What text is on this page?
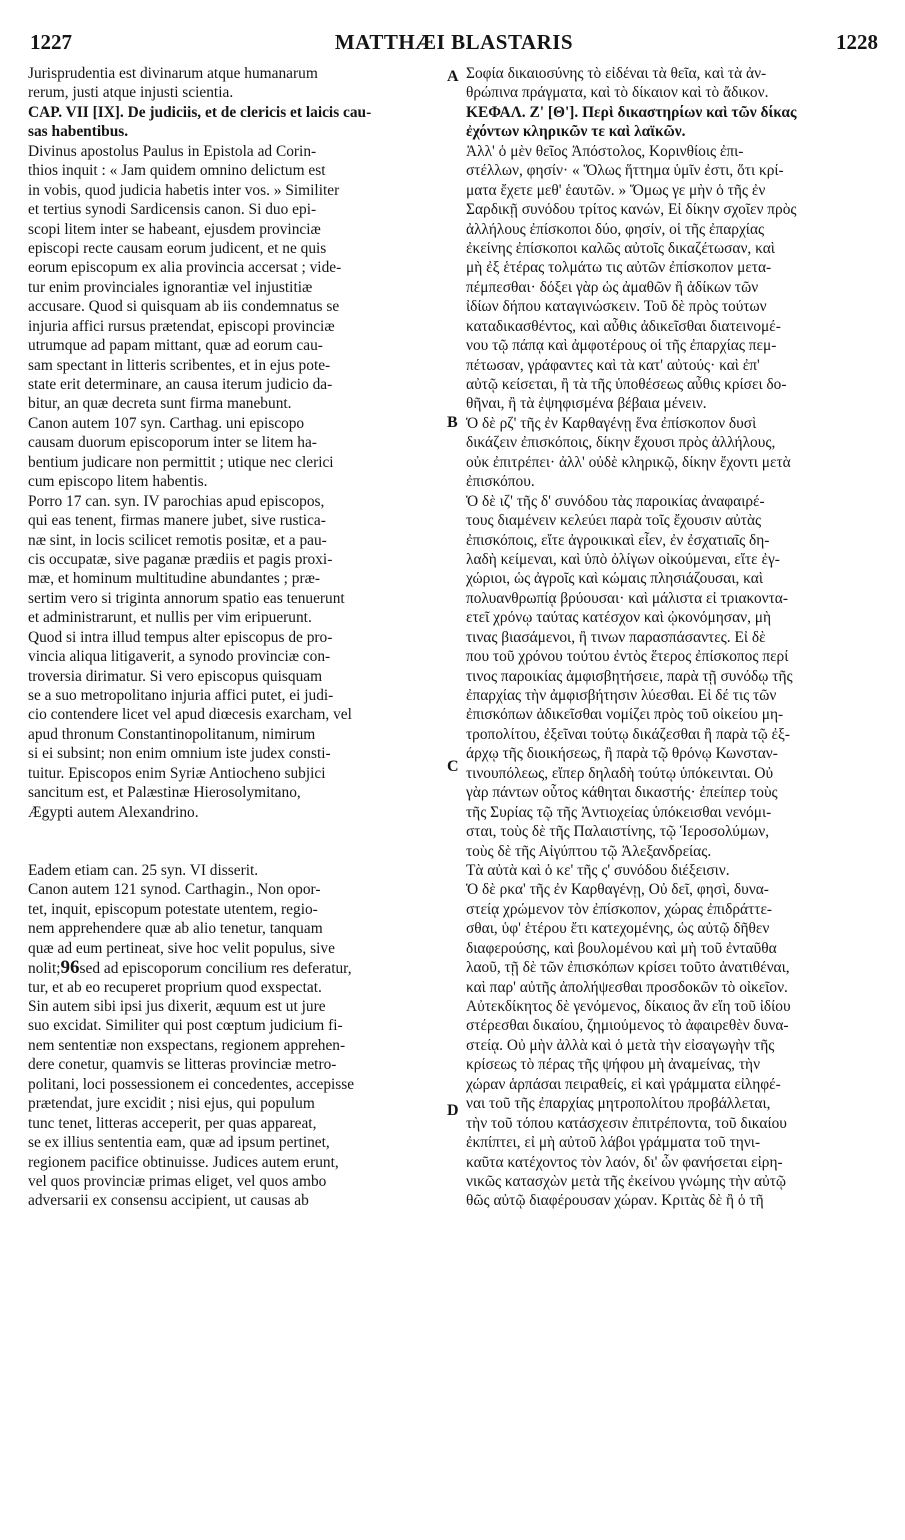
1227	MATTHÆI BLASTARIS	1228
Jurisprudentia est divinarum atque humanarum
rerum, justi atque injusti scientia.
CAP. VII [IX]. De judiciis, et de clericis et laicis cau-
sas habentibus.
Divinus apostolus Paulus in Epistola ad Corin-
thios inquit : « Jam quidem omnino delictum est
in vobis, quod judicia habetis inter vos. » Similiter
et tertius synodi Sardicensis canon. Si duo epi-
scopi litem inter se habeant, ejusdem provinciæ
episcopi recte causam eorum judicent, et ne quis
eorum episcopum ex alia provincia accersat ; vide-
tur enim provinciales ignorantiæ vel injustitiæ
accusare. Quod si quisquam ab iis condemnatus se
injuria affici rursus prætendat, episcopi provinciæ
utrumque ad papam mittant, quæ ad eorum cau-
sam spectant in litteris scribentes, et in ejus pote-
state erit determinare, an causa iterum judicio da-
bitur, an quæ decreta sunt firma manebunt.
Canon autem 107 syn. Carthag. uni episcopo
causam duorum episcoporum inter se litem ha-
bentium judicare non permittit ; utique nec clerici
cum episcopo litem habentis.
Porro 17 can. syn. IV parochias apud episcopos,
qui eas tenent, firmas manere jubet, sive rustica-
næ sint, in locis scilicet remotis positæ, et a pau-
cis occupatæ, sive paganæ prædiis et pagis proxi-
mæ, et hominum multitudine abundantes ; præ-
sertim vero si triginta annorum spatio eas tenuerunt
et administrarunt, et nullis per vim eripuerunt.
Quod si intra illud tempus alter episcopus de pro-
vincia aliqua litigaverit, a synodo provinciæ con-
troversia dirimatur. Si vero episcopus quisquam
se a suo metropolitano injuria affici putet, ei judi-
cio contendere licet vel apud diœcesis exarcham, vel
apud thronum Constantinopolitanum, nimirum
si ei subsint; non enim omnium iste judex consti-
tuitur. Episcopos enim Syriæ Antiocheno subjici
sancitum est, et Palæstinæ Hierosolymitano,
Ægypti autem Alexandrino.
Eadem etiam can. 25 syn. VI disserit.
Canon autem 121 synod. Carthagin., Non opor-
tet, inquit, episcopum potestate utentem, regio-
nem apprehendere quæ ab alio tenetur, tanquam
quæ ad eum pertineat, sive hoc velit populus, sive
nolit;96sed ad episcoporum concilium res deferatur,
tur, et ab eo recuperet proprium quod exspectat.
Sin autem sibi ipsi jus dixerit, æquum est ut jure
suo excidat. Similiter qui post cœptum judicium fi-
nem sententiæ non exspectans, regionem apprehen-
dere conetur, quamvis se litteras provinciæ metro-
politani, loci possessionem ei concedentes, accepisse
prætendat, jure excidit ; nisi ejus, qui populum
tunc tenet, litteras acceperit, per quas appareat,
se ex illius sententia eam, quæ ad ipsum pertinet,
regionem pacifice obtinuisse. Judices autem erunt,
vel quos provinciæ primas eliget, vel quos ambo
adversarii ex consensu accipient, ut causas ab
Σοφία δικαιοσύνης τὸ εἰδέναι τὰ θεῖα, καὶ τὰ ἀν-
θρώπινα πράγματα, καὶ τὸ δίκαιον καὶ τὸ ἄδικον.
ΚΕΦΑΛ. Ζ' [Θ']. Περὶ δικαστηρίων καὶ τῶν δίκας
ἐχόντων κληρικῶν τε καὶ λαϊκῶν.
Ἀλλ' ὁ μὲν θεῖος Ἀπόστολος, Κορινθίοις ἐπι-
στέλλων, φησίν· « Ὅλως ἥττημα ὑμῖν ἐστι, ὅτι κρί-
ματα ἔχετε μεθ' ἑαυτῶν. » Ὅμως γε μὴν ὁ τῆς ἐν
Σαρδικῇ συνόδου τρίτος κανών, Εἰ δίκην σχοῖεν πρὸς
ἀλλήλους ἐπίσκοποι δύο, φησίν, οἱ τῆς ἐπαρχίας
ἐκείνης ἐπίσκοποι καλῶς αὐτοῖς δικαζέτωσαν, καὶ
μὴ ἐξ ἑτέρας τολμάτω τις αὐτῶν ἐπίσκοπον μετα-
πέμπεσθαι· δόξει γὰρ ὡς ἀμαθῶν ἢ ἀδίκων τῶν
ἰδίων δήπου καταγινώσκειν. Τοῦ δὲ πρὸς τούτων
καταδικασθέντος, καὶ αὖθις ἀδικεῖσθαι διατεινομέ-
νου τῷ πάπᾳ καὶ ἀμφοτέρους οἱ τῆς ἐπαρχίας πεμ-
πέτωσαν, γράφαντες καὶ τὰ κατ' αὐτούς· καὶ ἐπ'
αὐτῷ κείσεται, ἢ τὰ τῆς ὑποθέσεως αὖθις κρίσει δο-
θῆναι, ἢ τὰ ἐψηφισμένα βέβαια μένειν.
Ὁ δὲ ρζ' τῆς ἐν Καρθαγένῃ ἕνα ἐπίσκοπον δυσὶ
δικάζειν ἐπισκόποις, δίκην ἔχουσι πρὸς ἀλλήλους,
οὐκ ἐπιτρέπει· ἀλλ' οὐδὲ κληρικῷ, δίκην ἔχοντι μετὰ
ἐπισκόπου.
Ὁ δὲ ιζ' τῆς δ' συνόδου τὰς παροικίας ἀναφαιρέ-
τους διαμένειν κελεύει παρὰ τοῖς ἔχουσιν αὐτὰς
ἐπισκόποις, εἴτε ἀγροικικαὶ εἶεν, ἐν ἐσχατιαῖς δη-
λαδὴ κείμεναι, καὶ ὑπὸ ὀλίγων οἰκούμεναι, εἴτε ἐγ-
χώριοι, ὡς ἀγροῖς καὶ κώμαις πλησιάζουσαι, καὶ
πολυανθρωπίᾳ βρύουσαι· καὶ μάλιστα εἰ τριακοντα-
ετεῖ χρόνῳ ταύτας κατέσχον καὶ ᾠκονόμησαν, μὴ
τινας βιασάμενοι, ἢ τινων παρασπάσαντες. Εἰ δὲ
που τοῦ χρόνου τούτου ἐντὸς ἕτερος ἐπίσκοπος περί
τινος παροικίας ἀμφισβητήσειε, παρὰ τῇ συνόδῳ τῆς
ἐπαρχίας τὴν ἀμφισβήτησιν λύεσθαι. Εἰ δέ τις τῶν
ἐπισκόπων ἀδικεῖσθαι νομίζει πρὸς τοῦ οἰκείου μη-
τροπολίτου, ἐξεῖναι τούτῳ δικάζεσθαι ἢ παρὰ τῷ ἐξ-
άρχῳ τῆς διοικήσεως, ἢ παρὰ τῷ θρόνῳ Κωνσταν-
τινουπόλεως, εἴπερ δηλαδὴ τούτῳ ὑπόκεινται. Οὐ
γὰρ πάντων οὗτος κάθηται δικαστής· ἐπείπερ τοὺς
τῆς Συρίας τῷ τῆς Ἀντιοχείας ὑπόκεισθαι νενόμι-
σται, τοὺς δὲ τῆς Παλαιστίνης, τῷ Ἱεροσολύμων,
τοὺς δὲ τῆς Αἰγύπτου τῷ Ἀλεξανδρείας.
Τὰ αὐτὰ καὶ ὁ κε' τῆς ς' συνόδου διέξεισιν.
Ὁ δὲ ρκα' τῆς ἐν Καρθαγένῃ, Οὐ δεῖ, φησὶ, δυνα-
στείᾳ χρώμενον τὸν ἐπίσκοπον, χώρας ἐπιδράττε-
σθαι, ὑφ' ἑτέρου ἔτι κατεχομένης, ὡς αὐτῷ δῆθεν
διαφερούσης, καὶ βουλομένου καὶ μὴ τοῦ ἐνταῦθα
λαοῦ, τῇ δὲ τῶν ἐπισκόπων κρίσει τοῦτο ἀνατιθέναι,
καὶ παρ' αὐτῆς ἀπολήψεσθαι προσδοκῶν τὸ οἰκεῖον.
Αὐτεκδίκητος δὲ γενόμενος, δίκαιος ἂν εἴη τοῦ ἰδίου
στέρεσθαι δικαίου, ζημιούμενος τὸ ἀφαιρεθὲν δυνα-
στείᾳ. Οὐ μὴν ἀλλὰ καὶ ὁ μετὰ τὴν εἰσαγωγὴν τῆς
κρίσεως τὸ πέρας τῆς ψήφου μὴ ἀναμείνας, τὴν
χώραν ἁρπάσαι πειραθείς, εἰ καὶ γράμματα εἰληφέ-
ναι τοῦ τῆς ἐπαρχίας μητροπολίτου προβάλλεται,
τὴν τοῦ τόπου κατάσχεσιν ἐπιτρέποντα, τοῦ δικαίου
ἐκπίπτει, εἰ μὴ αὐτοῦ λάβοι γράμματα τοῦ τηνι-
καῦτα κατέχοντος τὸν λαόν, δι' ὧν φανήσεται εἰρη-
νικῶς κατασχὼν μετὰ τῆς ἐκείνου γνώμης τὴν αὐτῷ
θῶς αὐτῷ διαφέρουσαν χώραν. Κριτὰς δὲ ἢ ὁ τῆ
A
B
C
D
